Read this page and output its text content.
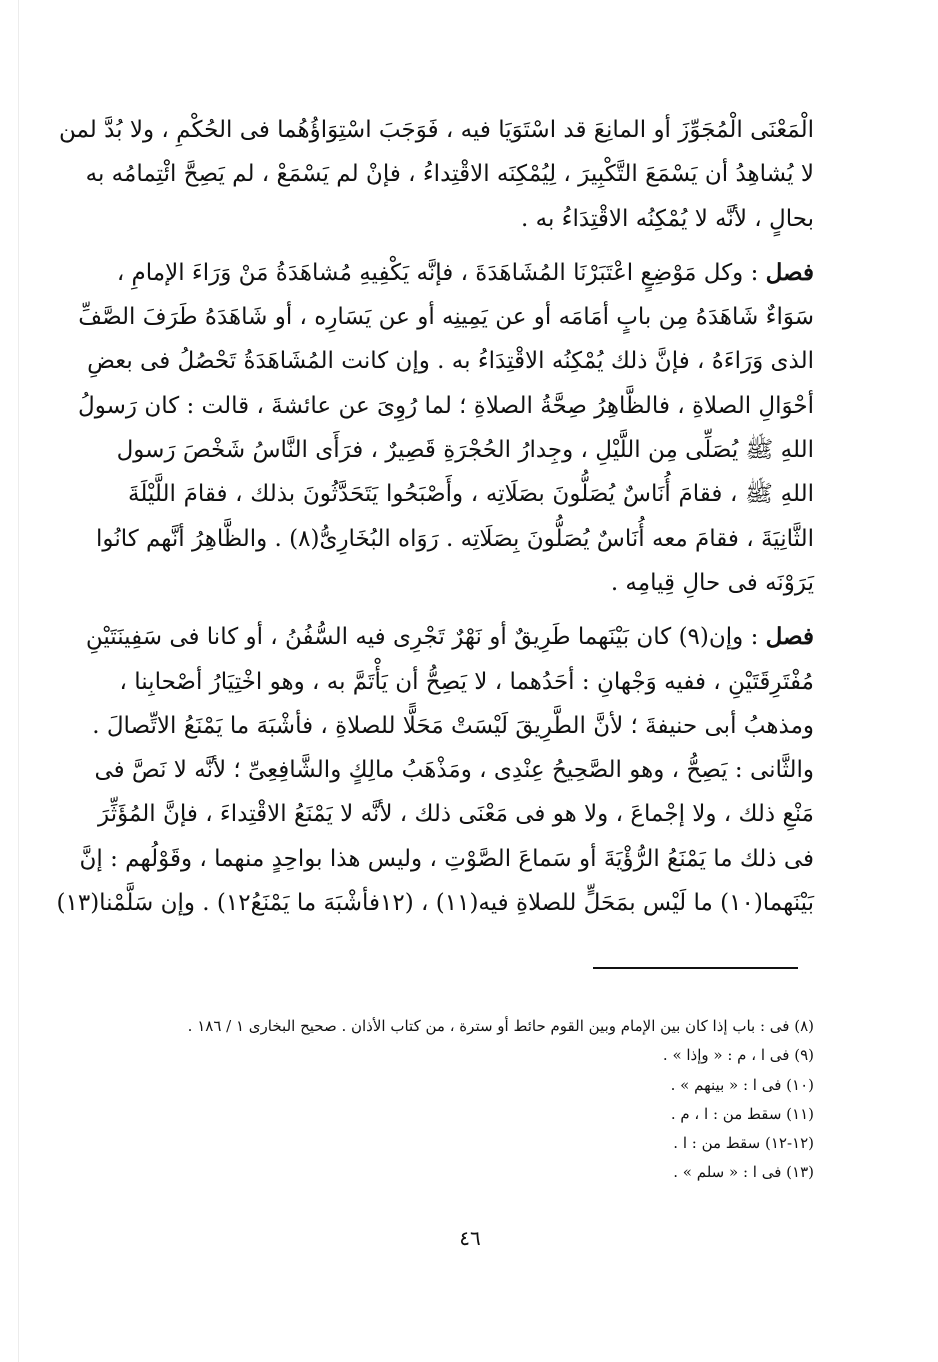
الْمَعْنَى الْمُجَوِّزَ أو المانِعَ قد اسْتَوَيَا فيه ، فَوَجَبَ اسْتِوَاؤُهُما فى الحُكْمِ ، ولا بُدَّ لمن
لا يُشاهِدُ أن يَسْمَعَ التَّكْبِيرَ ، لِيُمْكِنَه الاقْتِداءُ ، فإنْ لم يَسْمَعْ ، لم يَصِحَّ ائْتِمامُه به
بحالٍ ، لأنَّه لا يُمْكِنُه الاقْتِدَاءُ به .
فصل : وكل مَوْضِعٍ اعْتَبَرْنَا المُشَاهَدَةَ ، فإنَّه يَكْفِيهِ مُشاهَدَةُ مَنْ وَرَاءَ الإمامِ ،
سَوَاءٌ شَاهَدَهُ مِن بابٍ أمَامَه أو عن يَمِينِه أو عن يَسَارِه ، أو شَاهَدَهُ طَرَفَ الصَّفِّ
الذى وَرَاءَهُ ، فإنَّ ذلك يُمْكِنُه الاقْتِدَاءُ به . وإن كانت المُشَاهَدَةُ تَحْصُلُ فى بعضِ
أحْوَالِ الصلاةِ ، فالظَّاهِرُ صِحَّةُ الصلاةِ ؛ لما رُوِىَ عن عائشةَ ، قالت : كان رَسولُ
اللهِ ﷺ يُصَلِّى مِن اللَّيْلِ ، وجِدارُ الحُجْرَةِ قَصِيرٌ ، فرَأَى النَّاسُ شَخْصَ رَسول
اللهِ ﷺ ، فقامَ أُنَاسٌ يُصَلُّونَ بصَلَاتِه ، وأَصْبَحُوا يَتَحَدَّثُونَ بذلك ، فقامَ اللَّيْلَةَ
الثَّانِيَةَ ، فقامَ معه أُنَاسٌ يُصَلُّونَ بِصَلَاتِه . رَوَاه البُخَارِىُّ(٨) . والظَّاهِرُ أنَّهم كانُوا
يَرَوْنَه فى حالِ قِيامِه .
فصل : وإن(٩) كان بَيْنَهما طَرِيقٌ أو نَهْرٌ تَجْرِى فيه السُّفُنُ ، أو كانا فى سَفِينَتَيْنِ
مُفْتَرِقَتَيْنِ ، ففيه وَجْهانِ : أحَدُهما ، لا يَصِحُّ أن يَأْتَمَّ به ، وهو اخْتِيَارُ أصْحابِنا ،
ومذهبُ أبى حنيفةَ ؛ لأنَّ الطَّرِيقَ لَيْسَتْ مَحَلًّا للصلاةِ ، فأشْبَهَ ما يَمْنَعُ الاتِّصالَ .
والثَّانى : يَصِحُّ ، وهو الصَّحِيحُ عِنْدِى ، ومَذْهَبُ مالِكٍ والشَّافِعِىِّ ؛ لأنَّه لا نَصَّ فى
مَنْعِ ذلك ، ولا إجْماعَ ، ولا هو فى مَعْنَى ذلك ، لأنَّه لا يَمْنَعُ الاقْتِداءَ ، فإنَّ المُؤَثِّرَ
فى ذلك ما يَمْنَعُ الرُّؤْيَةَ أو سَماعَ الصَّوْتِ ، وليس هذا بواحِدٍ منهما ، وقَوْلُهم : إنَّ
بَيْنَهما(١٠) ما لَيْس بمَحَلٍّ للصلاةِ فيه(١١) ، (١٢فأشْبَهَ ما يَمْنَعُ١٢) . وإن سَلَّمْنا(١٣)
(٨) فى : باب إذا كان بين الإمام وبين القوم حائط أو سترة ، من كتاب الأذان . صحيح البخارى ١ / ١٨٦ .
(٩) فى ا ، م : « وإذا » .
(١٠) فى ا : « بينهم » .
(١١) سقط من : ا ، م .
(١٢-١٢) سقط من : ا .
(١٣) فى ا : « سلم » .
٤٦
